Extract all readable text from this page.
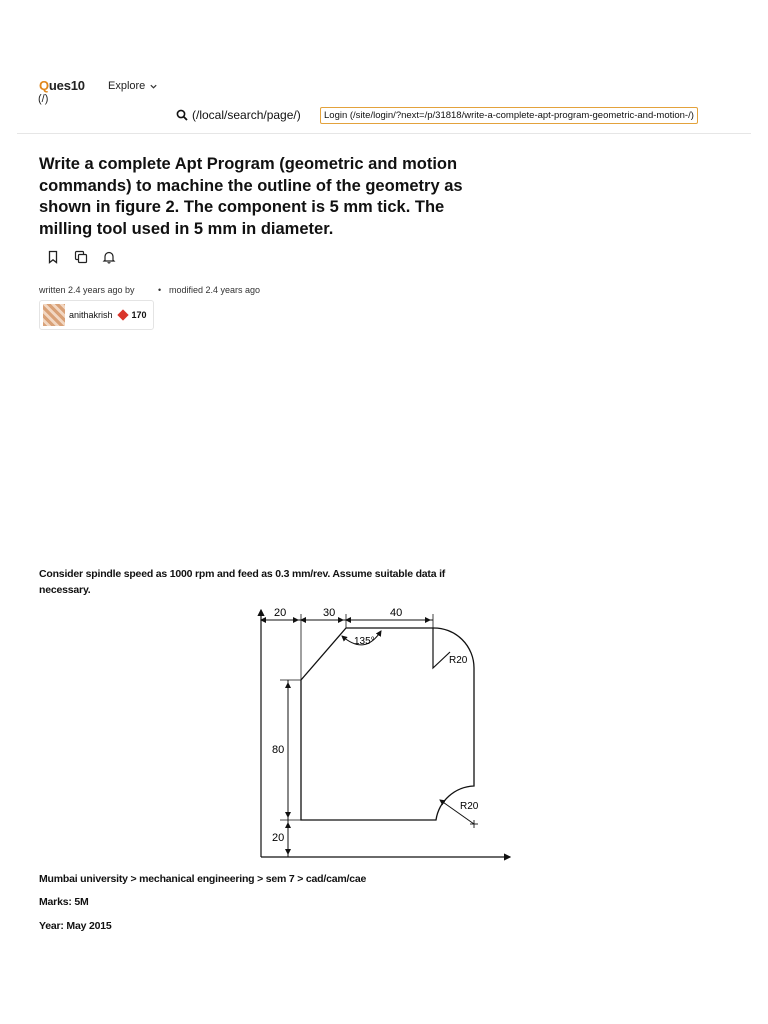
Ques10
(/)
Explore
(/local/search/page/)	Login (/site/login/?next=/p/31818/write-a-complete-apt-program-geometric-and-motion-/)
Write a complete Apt Program (geometric and motion commands) to machine the outline of the geometry as shown in figure 2. The component is 5 mm tick. The milling tool used in 5 mm in diameter.
written 2.4 years ago by	• modified 2.4 years ago
anithakrish 170

Consider spindle speed as 1000 rpm and feed as 0.3 mm/rev. Assume suitable data if necessary.

20	30	40
135°
R20
R20
80
20
Mumbai university > mechanical engineering > sem 7 > cad/cam/cae
Marks: 5M
Year: May 2015
